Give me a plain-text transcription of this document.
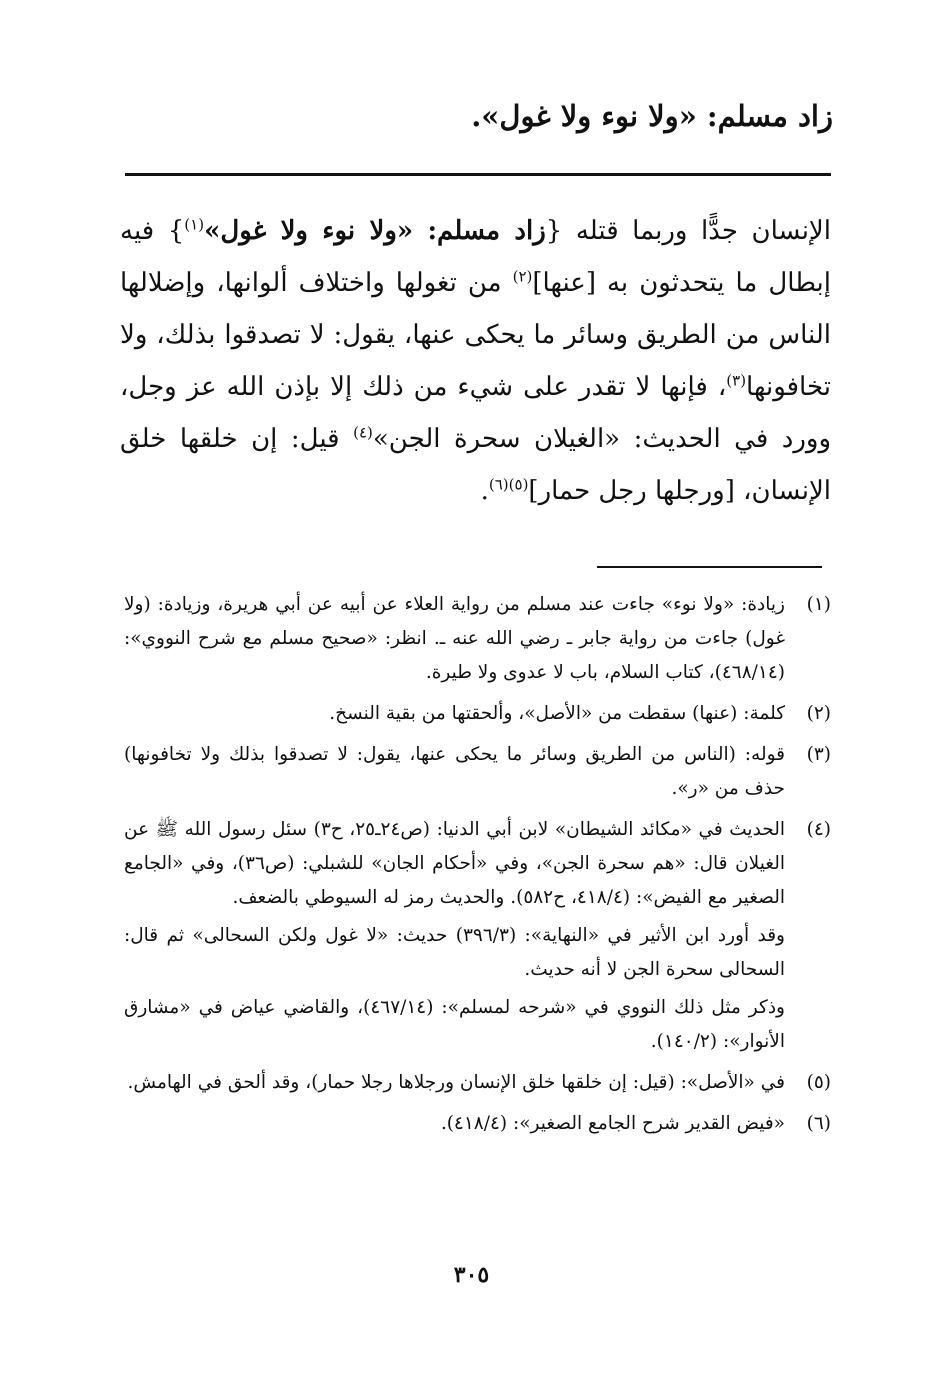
زاد مسلم: «ولا نوء ولا غول».

الإنسان جدًّا وربما قتله {زاد مسلم: «ولا نوء ولا غول»$^{(١)}$} فيه إبطال ما يتحدثون به [عنها]$^{(٢)}$ من تغولها واختلاف ألوانها، وإضلالها الناس من الطريق وسائر ما يحكى عنها، يقول: لا تصدقوا بذلك، ولا تخافونها$^{(٣)}$، فإنها لا تقدر على شيء من ذلك إلا بإذن الله عز وجل، وورد في الحديث: «الغيلان سحرة الجن»$^{(٤)}$ قيل: إن خلقها خلق الإنسان، [ورجلها رجل حمار]$^{(٥)(٦)}$.

(١)

زيادة: «ولا نوء» جاءت عند مسلم من رواية العلاء عن أبيه عن أبي هريرة، وزيادة: (ولا غول) جاءت من رواية جابر ـ رضي الله عنه ـ. انظر: «صحيح مسلم مع شرح النووي»: (٤٦٨/١٤)، كتاب السلام، باب لا عدوى ولا طيرة.

(٢)

كلمة: (عنها) سقطت من «الأصل»، وألحقتها من بقية النسخ.

(٣)

قوله: (الناس من الطريق وسائر ما يحكى عنها، يقول: لا تصدقوا بذلك ولا تخافونها) حذف من «ر».

(٤)

الحديث في «مكائد الشيطان» لابن أبي الدنيا: (ص٢٤ـ٢٥، ح٣) سئل رسول الله ﷺ عن الغيلان قال: «هم سحرة الجن»، وفي «أحكام الجان» للشبلي: (ص٣٦)، وفي «الجامع الصغير مع الفيض»: (٤١٨/٤، ح٥٨٢). والحديث رمز له السيوطي بالضعف.

وقد أورد ابن الأثير في «النهاية»: (٣٩٦/٣) حديث: «لا غول ولكن السحالى» ثم قال: السحالى سحرة الجن لا أنه حديث.

وذكر مثل ذلك النووي في «شرحه لمسلم»: (٤٦٧/١٤)، والقاضي عياض في «مشارق الأنوار»: (١٤٠/٢).

(٥)

في «الأصل»: (قيل: إن خلقها خلق الإنسان ورجلاها رجلا حمار)، وقد ألحق في الهامش.

(٦)

«فيض القدير شرح الجامع الصغير»: (٤١٨/٤).

٣٠٥
